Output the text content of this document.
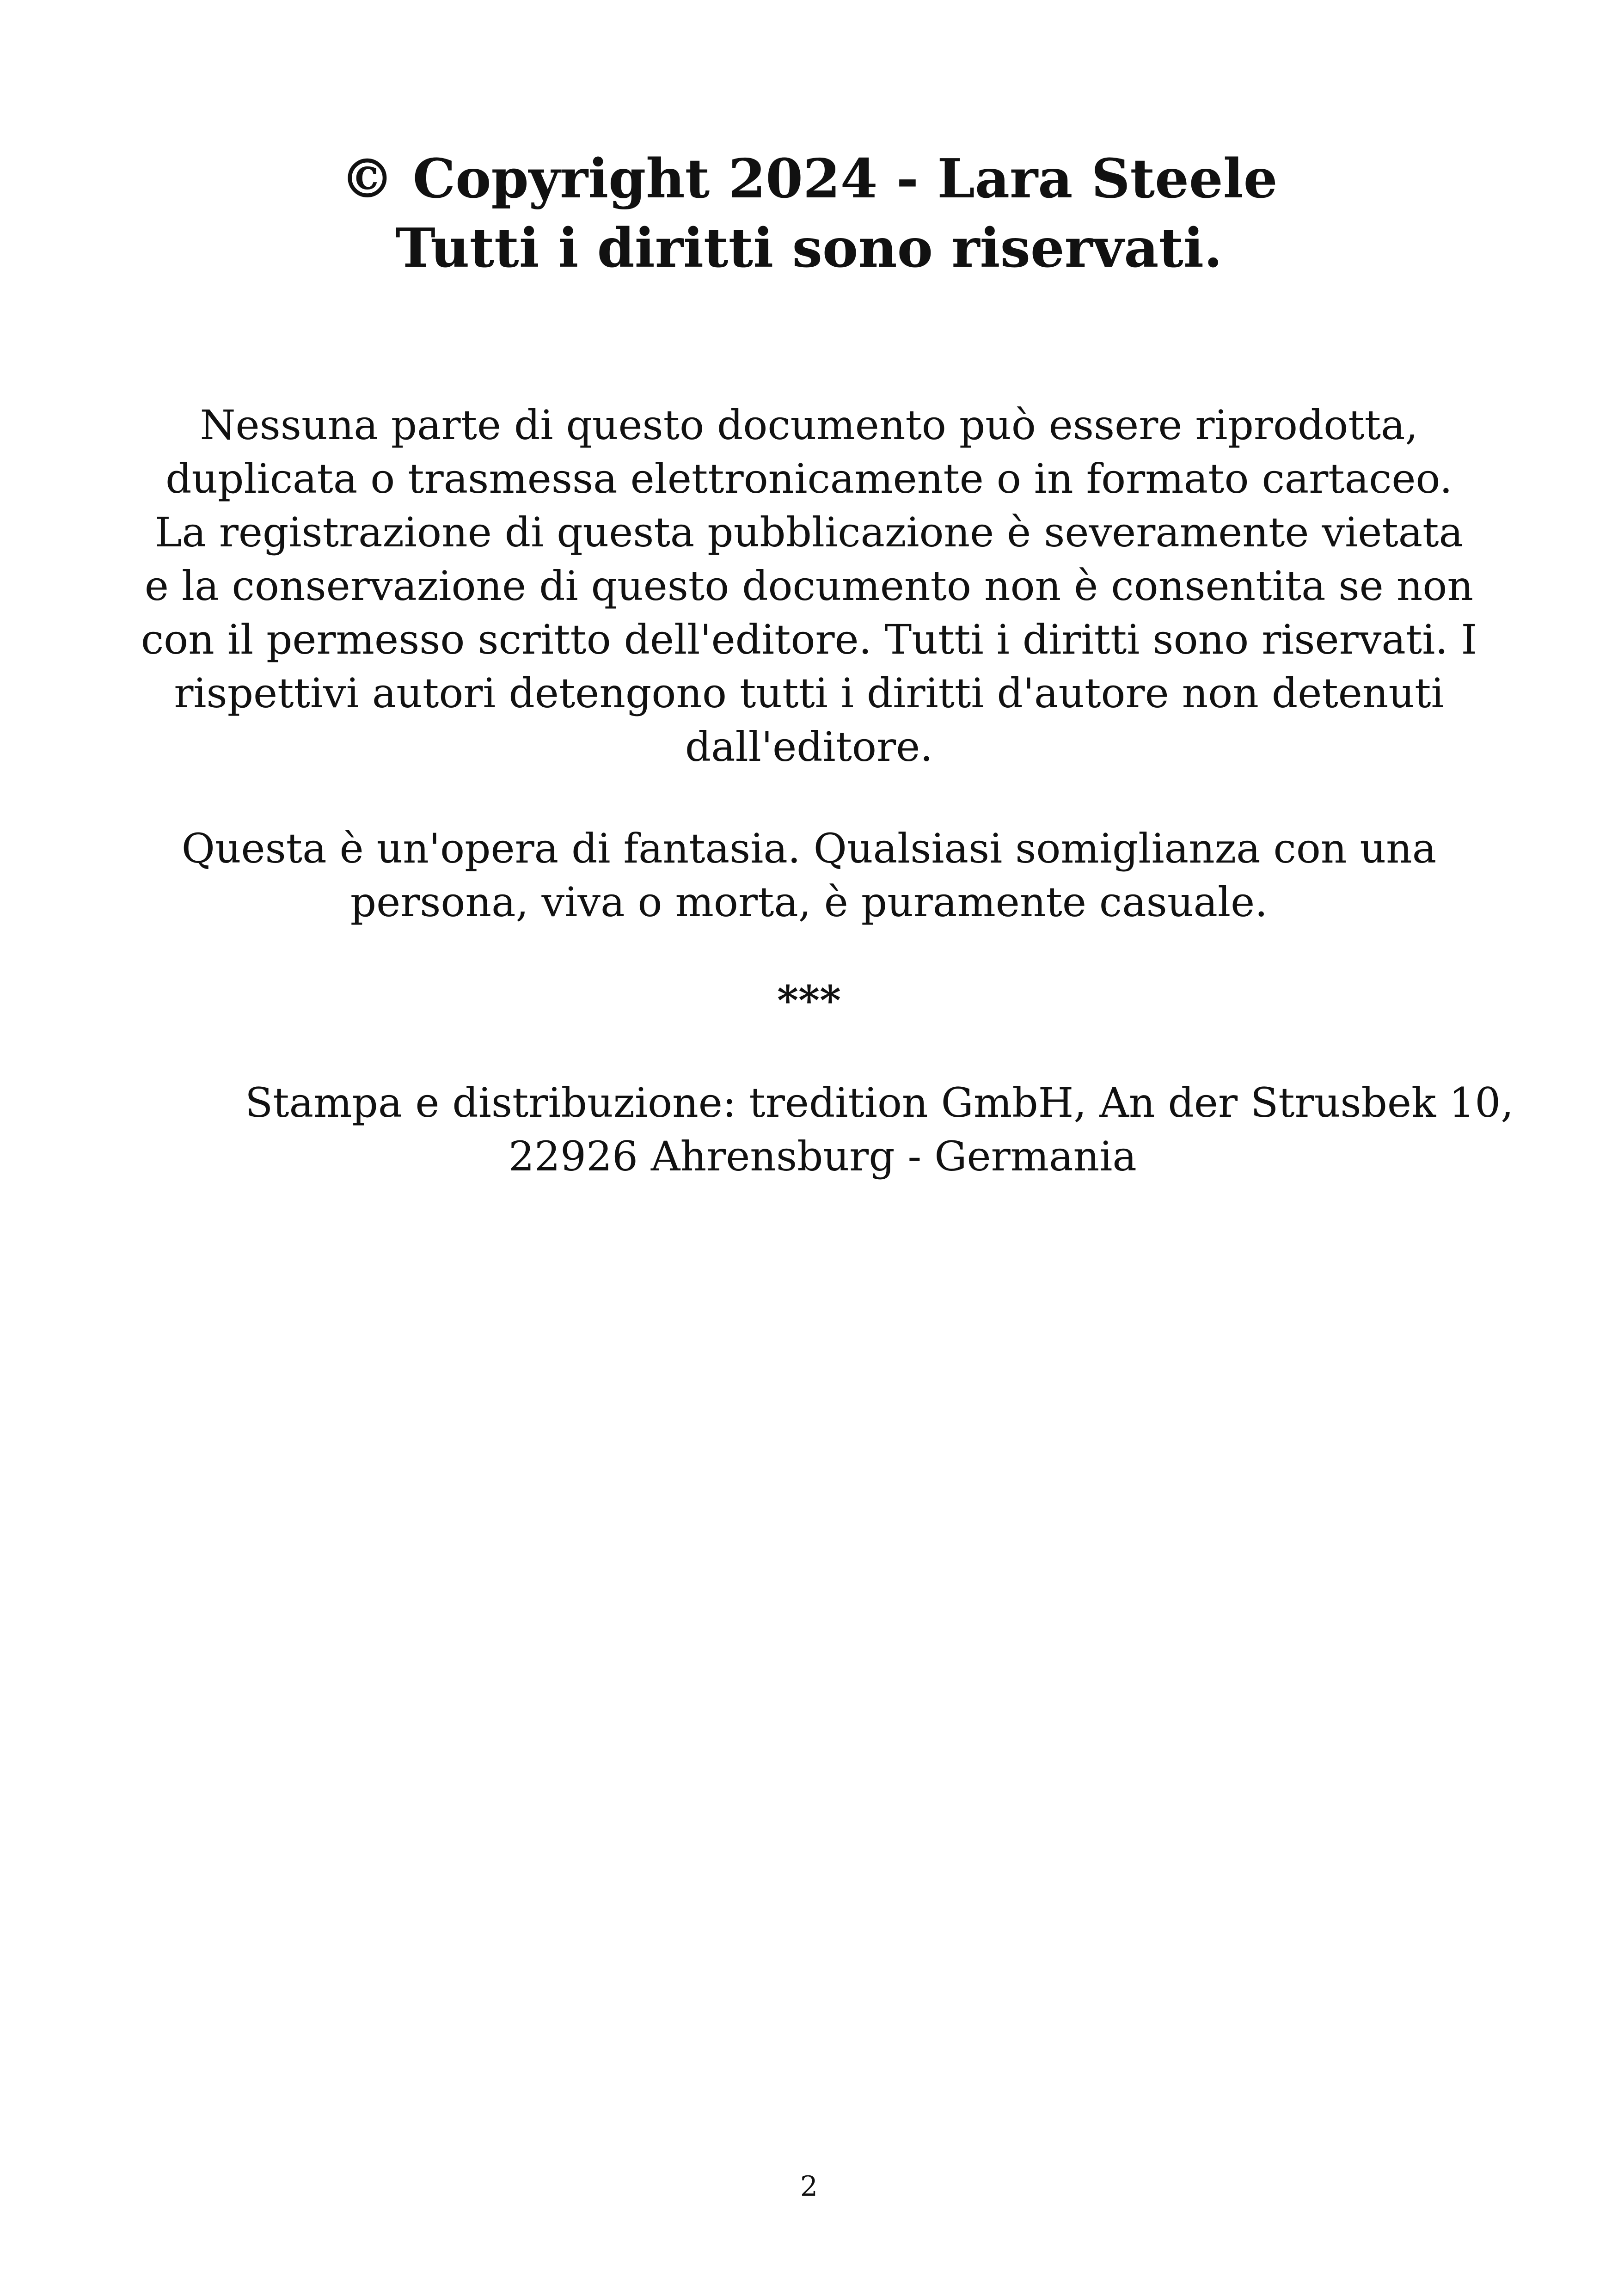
© Copyright 2024 - Lara Steele
Tutti i diritti sono riservati.

Nessuna parte di questo documento può essere riprodotta, duplicata o trasmessa elettronicamente o in formato cartaceo. La registrazione di questa pubblicazione è severamente vietata e la conservazione di questo documento non è consentita se non con il permesso scritto dell'editore. Tutti i diritti sono riservati. I rispettivi autori detengono tutti i diritti d'autore non detenuti dall'editore.

Questa è un'opera di fantasia. Qualsiasi somiglianza con una persona, viva o morta, è puramente casuale.

***

Stampa e distribuzione: tredition GmbH, An der Strusbek 10,

22926 Ahrensburg - Germania

2
